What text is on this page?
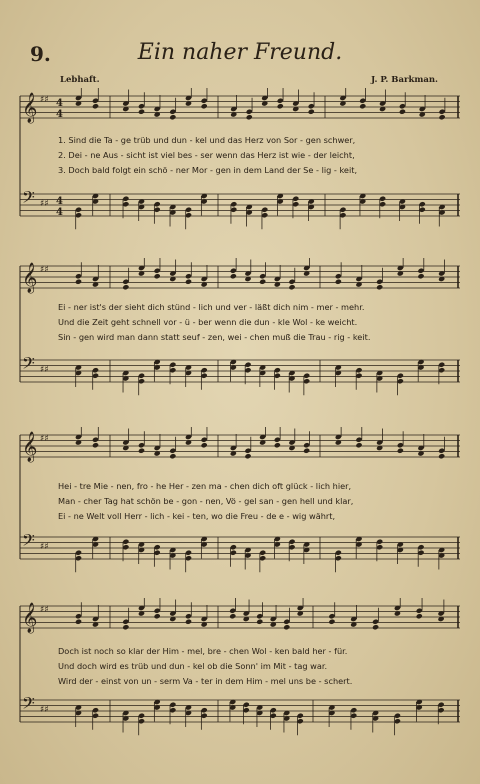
9.	Ein naher Freund.
Lebhaft.	J. P. Barkman.
𝄞 ♯♯ 4
4
𝄢 ♯♯ 4
4
1. Sind die Ta - ge trüb und dun - kel und das Herz von Sor - gen schwer,
2. Dei - ne Aus - sicht ist viel bes - ser wenn das Herz ist wie - der leicht,
3. Doch bald folgt ein schö - ner Mor - gen in dem Land der Se - lig - keit,
𝄞 ♯♯
𝄢 ♯♯
Ei - ner ist's der sieht dich stünd - lich und ver - läßt dich nim - mer - mehr.
Und die Zeit geht schnell vor - ü - ber wenn die dun - kle Wol - ke weicht.
Sin - gen wird man dann statt seuf - zen, wei - chen muß die Trau - rig - keit.
𝄞 ♯♯
𝄢 ♯♯
Hei - tre Mie - nen, fro - he Her - zen ma - chen dich oft glück - lich hier,
Man - cher Tag hat schön be - gon - nen, Vö - gel san - gen hell und klar,
Ei - ne Welt voll Herr - lich - kei - ten, wo die Freu - de e - wig währt,
𝄞 ♯♯
𝄢 ♯♯
Doch ist noch so klar der Him - mel, bre - chen Wol - ken bald her - für.
Und doch wird es trüb und dun - kel ob die Sonn' im Mit - tag war.
Wird der - einst von un - serm Va - ter in dem Him - mel uns be - schert.
